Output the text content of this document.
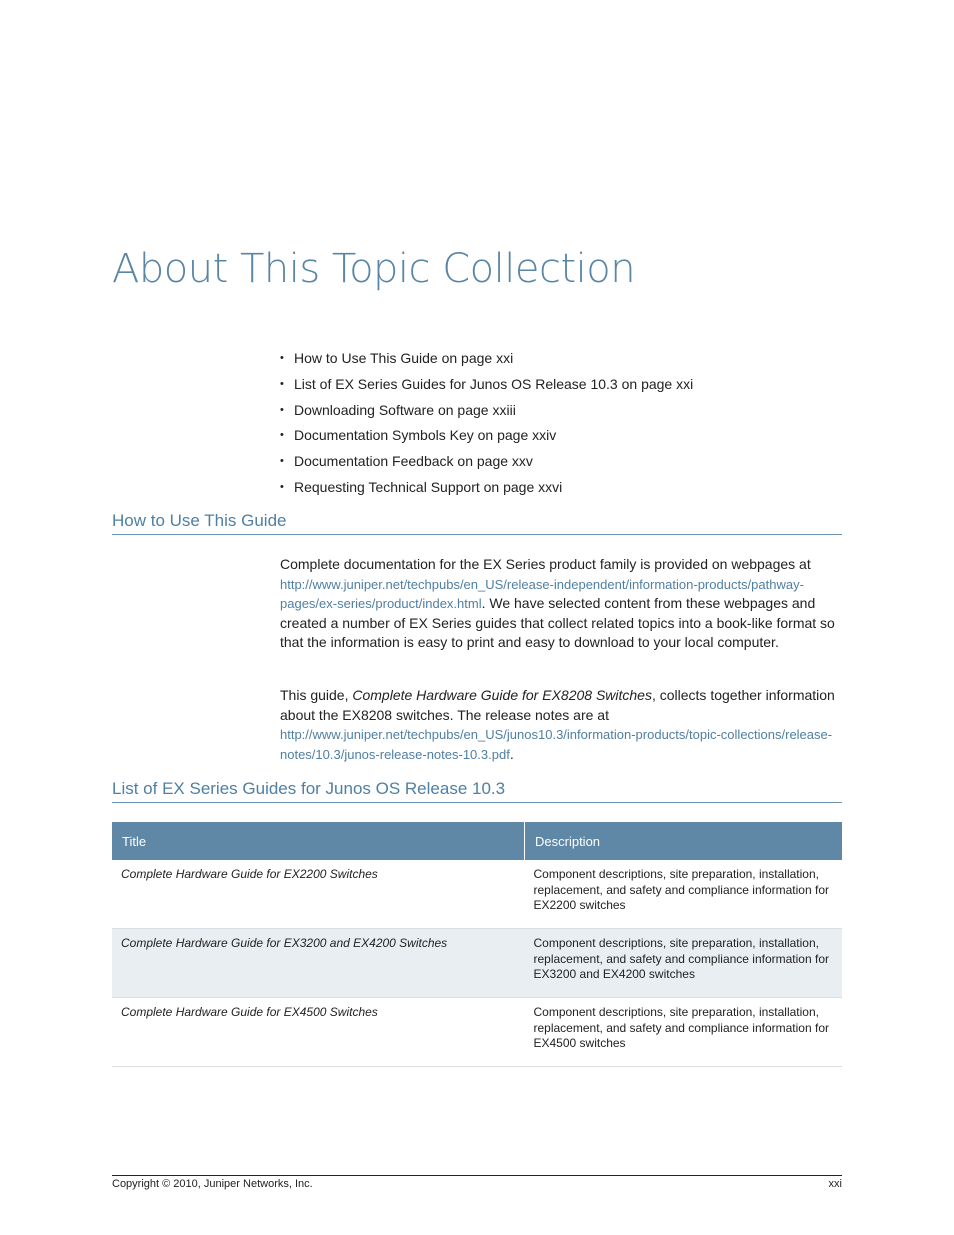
About This Topic Collection
• How to Use This Guide on page xxi
• List of EX Series Guides for Junos OS Release 10.3 on page xxi
• Downloading Software on page xxiii
• Documentation Symbols Key on page xxiv
• Documentation Feedback on page xxv
• Requesting Technical Support on page xxvi
How to Use This Guide

Complete documentation for the EX Series product family is provided on webpages at http://www.juniper.net/techpubs/en_US/release-independent/information-products/pathway-pages/ex-series/product/index.html. We have selected content from these webpages and created a number of EX Series guides that collect related topics into a book-like format so that the information is easy to print and easy to download to your local computer.

This guide, Complete Hardware Guide for EX8208 Switches, collects together information about the EX8208 switches. The release notes are at http://www.juniper.net/techpubs/en_US/junos10.3/information-products/topic-collections/release-notes/10.3/junos-release-notes-10.3.pdf.

List of EX Series Guides for Junos OS Release 10.3
Title	Description
Complete Hardware Guide for EX2200 Switches	Component descriptions, site preparation, installation, replacement, and safety and compliance information for EX2200 switches
Complete Hardware Guide for EX3200 and EX4200 Switches	Component descriptions, site preparation, installation, replacement, and safety and compliance information for EX3200 and EX4200 switches
Complete Hardware Guide for EX4500 Switches	Component descriptions, site preparation, installation, replacement, and safety and compliance information for EX4500 switches
Copyright © 2010, Juniper Networks, Inc.	xxi
